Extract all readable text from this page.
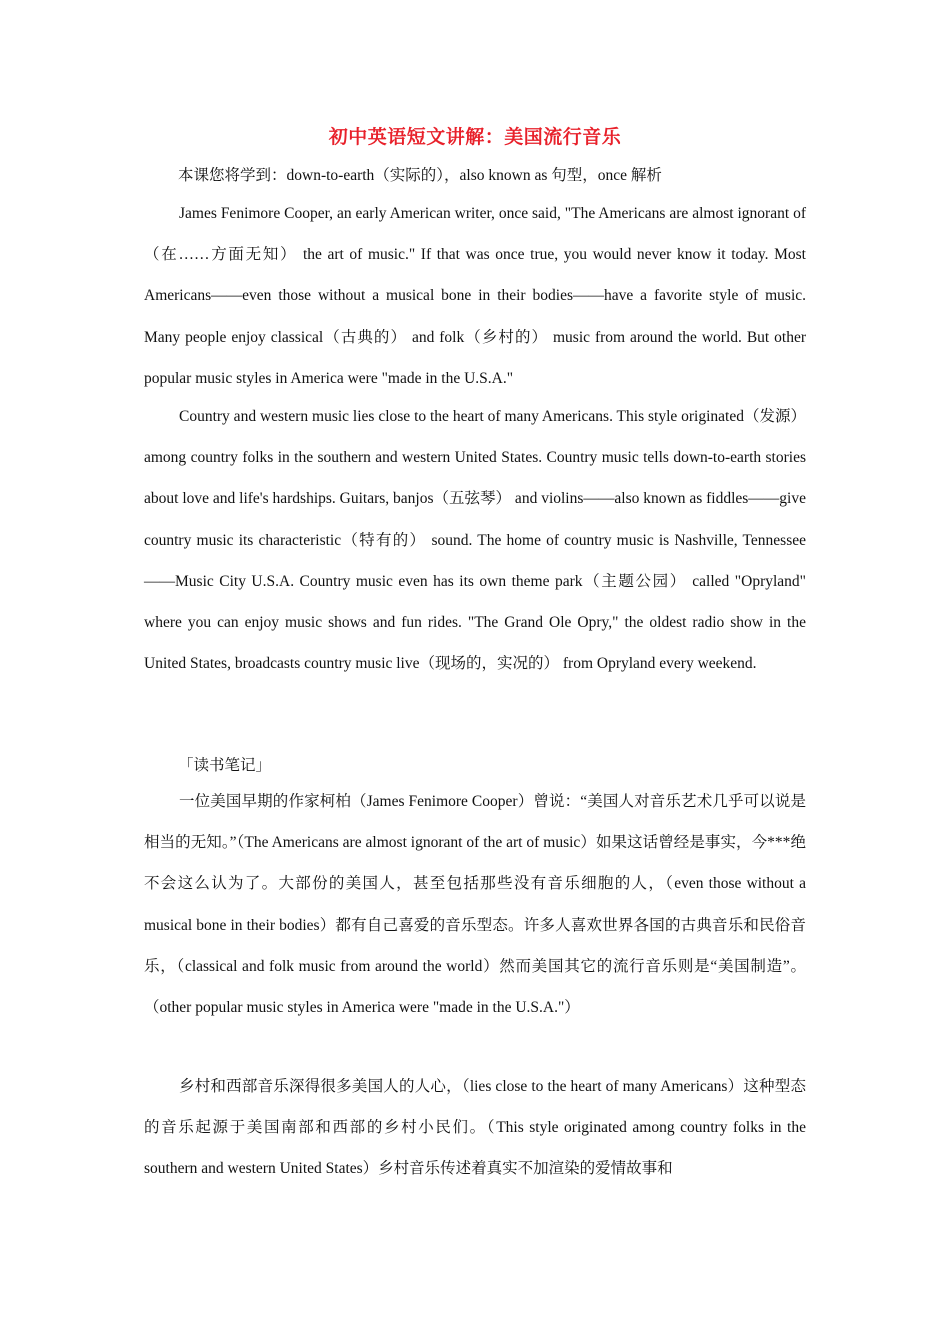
初中英语短文讲解：美国流行音乐
本课您将学到：down-to-earth（实际的），also known as 句型，once 解析

James Fenimore Cooper, an early American writer, once said, "The Americans are almost ignorant of（在……方面无知） the art of music." If that was once true, you would never know it today. Most Americans——even those without a musical bone in their bodies——have a favorite style of music. Many people enjoy classical（古典的） and folk（乡村的） music from around the world. But other popular music styles in America were "made in the U.S.A."

Country and western music lies close to the heart of many Americans. This style originated（发源） among country folks in the southern and western United States. Country music tells down-to-earth stories about love and life's hardships. Guitars, banjos（五弦琴） and violins——also known as fiddles——give country music its characteristic（特有的） sound. The home of country music is Nashville, Tennessee——Music City U.S.A. Country music even has its own theme park（主题公园） called "Opryland" where you can enjoy music shows and fun rides. "The Grand Ole Opry," the oldest radio show in the United States, broadcasts country music live（现场的，实况的） from Opryland every weekend.

「读书笔记」

一位美国早期的作家柯柏（James Fenimore Cooper）曾说：“美国人对音乐艺术几乎可以说是相当的无知。”（The Americans are almost ignorant of the art of music）如果这话曾经是事实，今***绝不会这么认为了。大部份的美国人，甚至包括那些没有音乐细胞的人，（even those without a musical bone in their bodies）都有自己喜爱的音乐型态。许多人喜欢世界各国的古典音乐和民俗音乐，（classical and folk music from around the world）然而美国其它的流行音乐则是“美国制造”。（other popular music styles in America were "made in the U.S.A."）

乡村和西部音乐深得很多美国人的人心，（lies close to the heart of many Americans）这种型态的音乐起源于美国南部和西部的乡村小民们。（This style originated among country folks in the southern and western United States）乡村音乐传述着真实不加渲染的爱情故事和
